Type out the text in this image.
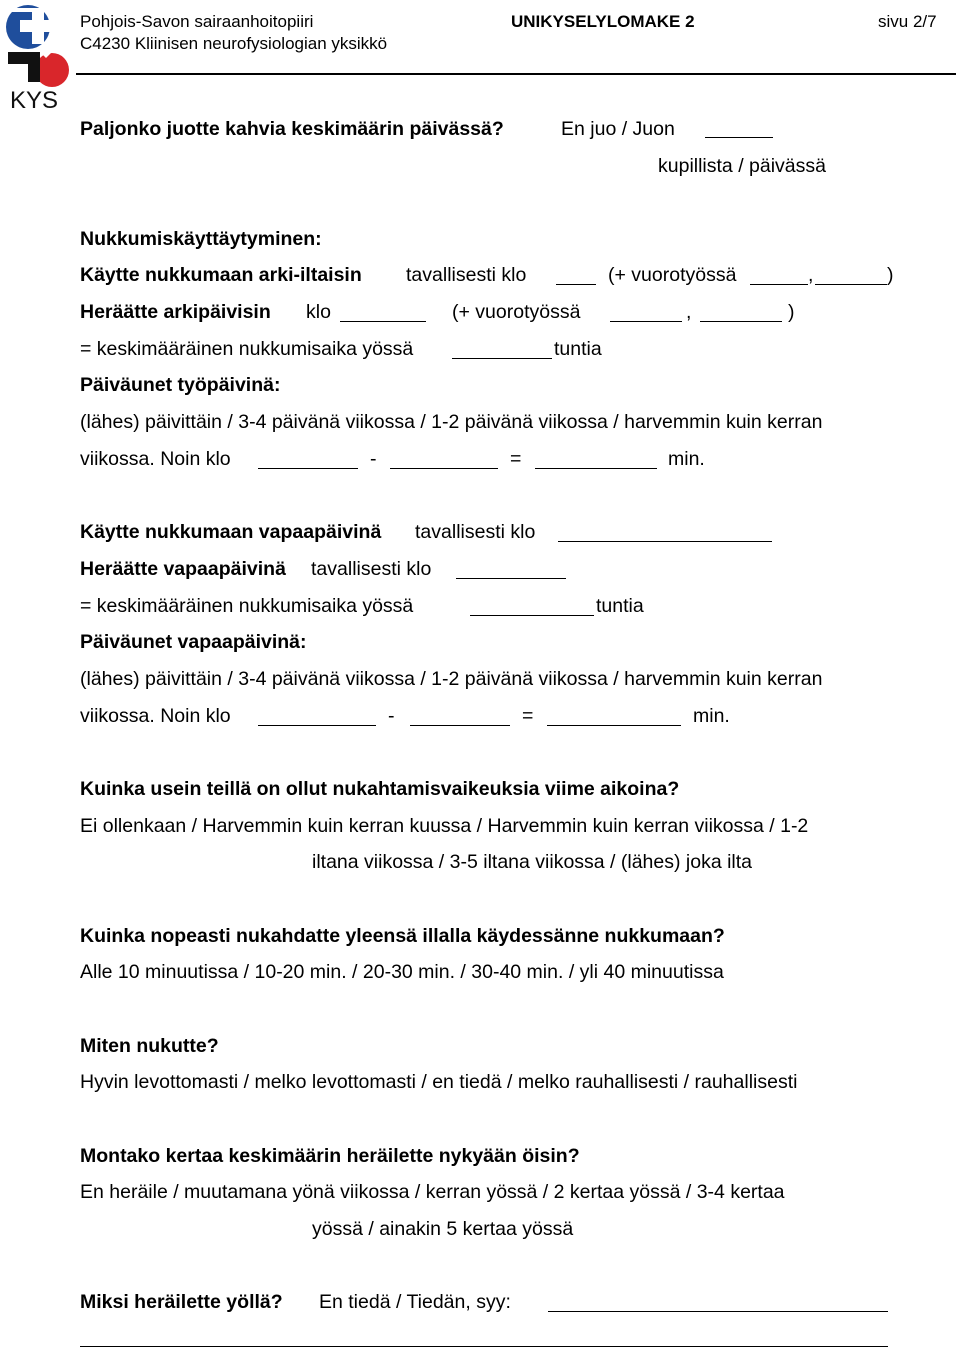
KYS
Pohjois-Savon sairaanhoitopiiri
C4230 Kliinisen neurofysiologian yksikkö
UNIKYSELYLOMAKE 2	sivu 2/7
Paljonko juotte kahvia keskimäärin päivässä?	En juo / Juon
kupillista / päivässä
Nukkumiskäyttäytyminen:
Käytte nukkumaan arki-iltaisin tavallisesti klo	(+ vuorotyössä	,	)
Heräätte arkipäivisin klo	(+ vuorotyössä	,	)
= keskimääräinen nukkumisaika yössä	tuntia
Päiväunet työpäivinä:
(lähes) päivittäin / 3-4 päivänä viikossa / 1-2 päivänä viikossa / harvemmin kuin kerran
viikossa. Noin klo	-	=	min.
Käytte nukkumaan vapaapäivinä tavallisesti klo
Heräätte vapaapäivinä tavallisesti klo
= keskimääräinen nukkumisaika yössä	tuntia
Päiväunet vapaapäivinä:
(lähes) päivittäin / 3-4 päivänä viikossa / 1-2 päivänä viikossa / harvemmin kuin kerran
viikossa. Noin klo	-	=	min.
Kuinka usein teillä on ollut nukahtamisvaikeuksia viime aikoina?
Ei ollenkaan / Harvemmin kuin kerran kuussa / Harvemmin kuin kerran viikossa / 1-2
iltana viikossa / 3-5 iltana viikossa / (lähes) joka ilta
Kuinka nopeasti nukahdatte yleensä illalla käydessänne nukkumaan?
Alle 10 minuutissa / 10-20 min. / 20-30 min. / 30-40 min. / yli 40 minuutissa
Miten nukutte?
Hyvin levottomasti / melko levottomasti / en tiedä / melko rauhallisesti / rauhallisesti
Montako kertaa keskimäärin heräilette nykyään öisin?
En heräile / muutamana yönä viikossa / kerran yössä / 2 kertaa yössä / 3-4 kertaa
yössä / ainakin 5 kertaa yössä
Miksi heräilette yöllä? En tiedä / Tiedän, syy:
